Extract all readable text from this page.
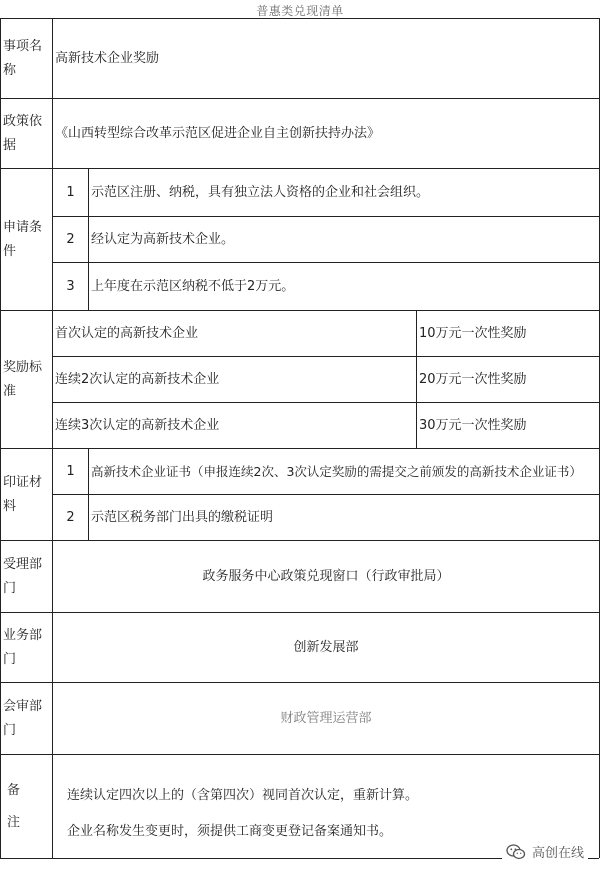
普惠类兑现清单
事项名称
高新技术企业奖励
政策依据
《山西转型综合改革示范区促进企业自主创新扶持办法》
申请条件
1 示范区注册、纳税，具有独立法人资格的企业和社会组织。
2 经认定为高新技术企业。
3 上年度在示范区纳税不低于2万元。
奖励标准
首次认定的高新技术企业	10万元一次性奖励
连续2次认定的高新技术企业	20万元一次性奖励
连续3次认定的高新技术企业	30万元一次性奖励
印证材料
1 高新技术企业证书（申报连续2次、3次认定奖励的需提交之前颁发的高新技术企业证书）
2 示范区税务部门出具的缴税证明
受理部门
政务服务中心政策兑现窗口（行政审批局）
业务部门
创新发展部
会审部门
财政管理运营部
备注

连续认定四次以上的（含第四次）视同首次认定，重新计算。

企业名称发生变更时，须提供工商变更登记备案通知书。

高创在线
